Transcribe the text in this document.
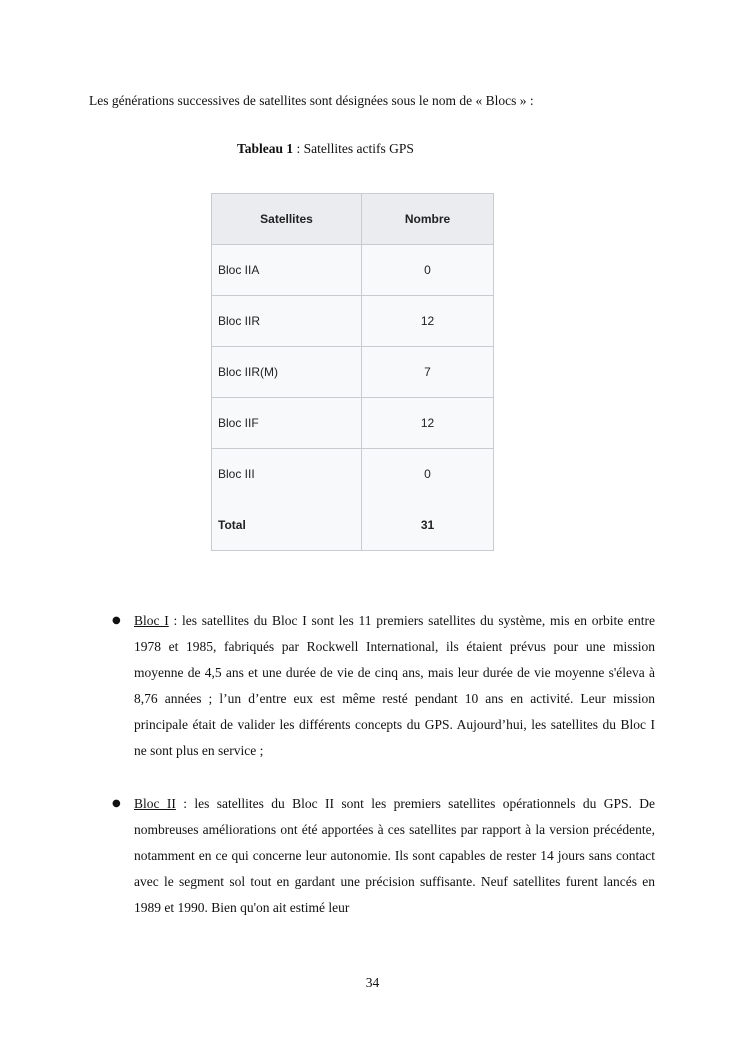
Les générations successives de satellites sont désignées sous le nom de « Blocs » :

Tableau 1 : Satellites actifs GPS

Satellites	Nombre
Bloc IIA	0
Bloc IIR	12
Bloc IIR(M)	7
Bloc IIF	12
Bloc III	0
Total	31
● Bloc I : les satellites du Bloc I sont les 11 premiers satellites du système, mis en orbite entre 1978 et 1985, fabriqués par Rockwell International, ils étaient prévus pour une mission moyenne de 4,5 ans et une durée de vie de cinq ans, mais leur durée de vie moyenne s'éleva à 8,76 années ; l’un d’entre eux est même resté pendant 10 ans en activité. Leur mission principale était de valider les différents concepts du GPS. Aujourd’hui, les satellites du Bloc I ne sont plus en service ;
● Bloc II : les satellites du Bloc II sont les premiers satellites opérationnels du GPS. De nombreuses améliorations ont été apportées à ces satellites par rapport à la version précédente, notamment en ce qui concerne leur autonomie. Ils sont capables de rester 14 jours sans contact avec le segment sol tout en gardant une précision suffisante. Neuf satellites furent lancés en 1989 et 1990. Bien qu'on ait estimé leur
34
